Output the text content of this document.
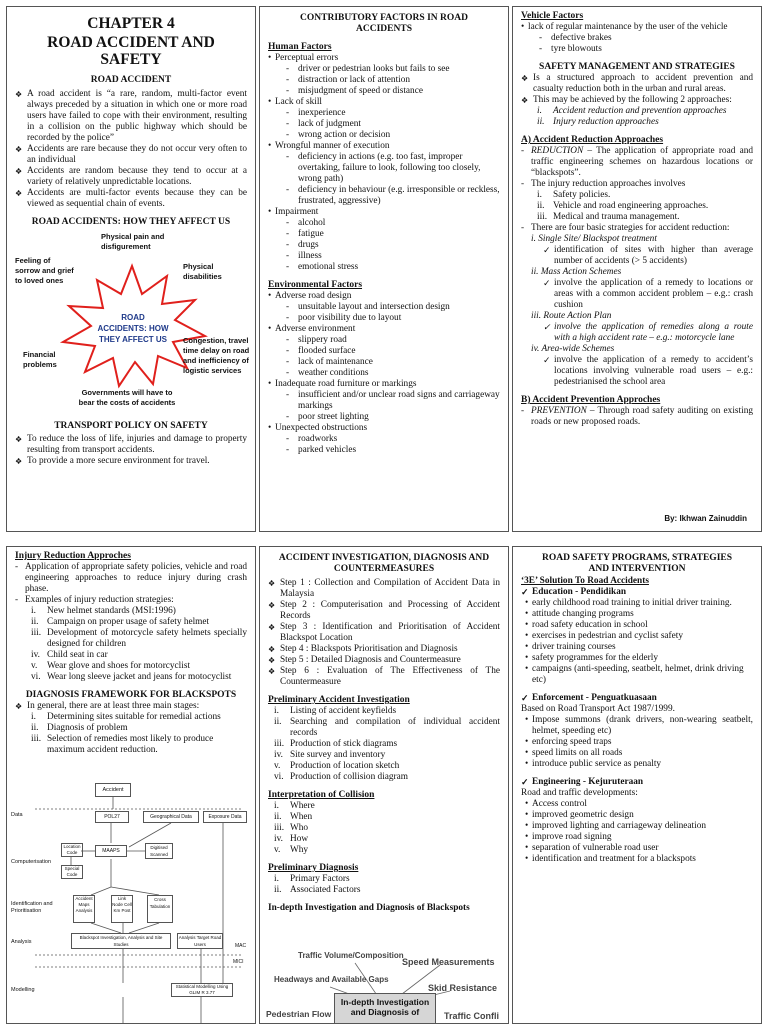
CHAPTER 4
ROAD ACCIDENT AND SAFETY
ROAD ACCIDENT
❖ A road accident is “a rare, random, multi-factor event always preceded by a situation in which one or more road users have failed to cope with their environment, resulting in a collision on the public highway which should be recorded by the police”
❖ Accidents are rare because they do not occur very often to an individual
❖ Accidents are random because they tend to occur at a variety of relatively unpredictable locations.
❖ Accidents are multi-factor events because they can be viewed as sequential chain of events.
ROAD ACCIDENTS: HOW THEY AFFECT US
ROAD ACCIDENTS: HOW THEY AFFECT US
Feeling of sorrow and grief to loved ones
Physical pain and disfigurement
Physical disabilities
Financial problems
Congestion, travel time delay on road and inefficiency of logistic services
Governments will have to bear the costs of accidents
TRANSPORT POLICY ON SAFETY
❖ To reduce the loss of life, injuries and damage to property resulting from transport accidents.
❖ To provide a more secure environment for travel.
CONTRIBUTORY FACTORS IN ROAD ACCIDENTS
Human Factors
• Perceptual errors
- driver or pedestrian looks but fails to see
- distraction or lack of attention
- misjudgment of speed or distance
• Lack of skill
- inexperience
- lack of judgment
- wrong action or decision
• Wrongful manner of execution
- deficiency in actions (e.g. too fast, improper overtaking, failure to look, following too closely, wrong path)
- deficiency in behaviour (e.g. irresponsible or reckless, frustrated, aggressive)
• Impairment
- alcohol
- fatigue
- drugs
- illness
- emotional stress
Environmental Factors
• Adverse road design
- unsuitable layout and intersection design
- poor visibility due to layout
• Adverse environment
- slippery road
- flooded surface
- lack of maintenance
- weather conditions
• Inadequate road furniture or markings
- insufficient and/or unclear road signs and carriageway markings
- poor street lighting
• Unexpected obstructions
- roadworks
- parked vehicles
Vehicle Factors
• lack of regular maintenance by the user of the vehicle
- defective brakes
- tyre blowouts
SAFETY MANAGEMENT AND STRATEGIES
❖ Is a structured approach to accident prevention and casualty reduction both in the urban and rural areas.
❖ This may be achieved by the following 2 approaches:
i. Accident reduction and prevention approaches
ii. Injury reduction approaches
A) Accident Reduction Approaches
- REDUCTION – The application of appropriate road and traffic engineering schemes on hazardous locations or “blackspots”.
- The injury reduction approaches involves
i. Safety policies.
ii. Vehicle and road engineering approaches.
iii. Medical and trauma management.
- There are four basic strategies for accident reduction:
i. Single Site/ Blackspot treatment
✓ identification of sites with higher than average number of accidents (> 5 accidents)
ii. Mass Action Schemes
✓ involve the application of a remedy to locations or areas with a common accident problem – e.g.: crash cushion
iii. Route Action Plan
✓ involve the application of remedies along a route with a high accident rate – e.g.: motorcycle lane
iv. Area-wide Schemes
✓ involve the application of a remedy to accident’s locations involving vulnerable road users – e.g.: pedestrianised the school area
B) Accident Prevention Approches
- PREVENTION – Through road safety auditing on existing roads or new proposed roads.
By: Ikhwan Zainuddin
Injury Reduction Approches
- Application of appropriate safety policies, vehicle and road engineering approaches to reduce injury during crash phase.
- Examples of injury reduction strategies:
i. New helmet standards (MSI:1996)
ii. Campaign on proper usage of safety helmet
iii. Development of motorcycle safety helmets specially designed for children
iv. Child seat in car
v. Wear glove and shoes for motorcyclist
vi. Wear long sleeve jacket and jeans for motocyclist
DIAGNOSIS FRAMEWORK FOR BLACKSPOTS
❖ In general, there are at least three main stages:
i. Determining sites suitable for remedial actions
ii. Diagnosis of problem
iii. Selection of remedies most likely to produce maximum accident reduction.
Accident
Data	POL27	Geographical Data	Exposure Data
Computerisation
Location Code	MAAPS
Digitised Scanned
Special Code
Identification and Prioritisation
Accident Maps Analysis
Link Node Cell Km Post
Cross Tabulation
Analysis
Blackspot Investigation, Analysis and Site Studies
Analysis Target Road Users	MAC
MICI
Modelling
Statistical Modelling Using GLIM R 3.77
ACCIDENT INVESTIGATION, DIAGNOSIS AND COUNTERMEASURES
❖ Step 1 : Collection and Compilation of Accident Data in Malaysia
❖ Step 2 : Computerisation and Processing of Accident Records
❖ Step 3 : Identification and Prioritisation of Accident Blackspot Location
❖ Step 4 : Blackspots Prioritisation and Diagnosis
❖ Step 5 : Detailed Diagnosis and Countermeasure
❖ Step 6 : Evaluation of The Effectiveness of The Countermeasure
Preliminary Accident Investigation
i. Listing of accident keyfields
ii. Searching and compilation of individual accident records
iii. Production of stick diagrams
iv. Site survey and inventory
v. Production of location sketch
vi. Production of collision diagram
Interpretation of Collision
i. Where
ii. When
iii. Who
iv. How
v. Why
Preliminary Diagnosis
i. Primary Factors
ii. Associated Factors
In-depth Investigation and Diagnosis of Blackspots
Traffic Volume/Composition
Headways and Available Gaps
Speed Measurements
Skid Resistance
Pedestrian Flow	Traffic Confli
In-depth Investigation and Diagnosis of
ROAD SAFETY PROGRAMS, STRATEGIES AND INTERVENTION
‘3E’ Solution To Road Accidents
✓ Education - Pendidikan
• early childhood road training to initial driver training.
• attitude changing programs
• road safety education in school
• exercises in pedestrian and cyclist safety
• driver training courses
• safety programmes for the elderly
• campaigns (anti-speeding, seatbelt, helmet, drink driving etc)
✓ Enforcement - Penguatkuasaan
Based on Road Transport Act 1987/1999.
• Impose summons (drank drivers, non-wearing seatbelt, helmet, speeding etc)
• enforcing speed traps
• speed limits on all roads
• introduce public service as penalty
✓ Engineering - Kejuruteraan
Road and traffic developments:
• Access control
• improved geometric design
• improved lighting and carriageway delineation
• improve road signing
• separation of vulnerable road user
• identification and treatment for a blackspots
